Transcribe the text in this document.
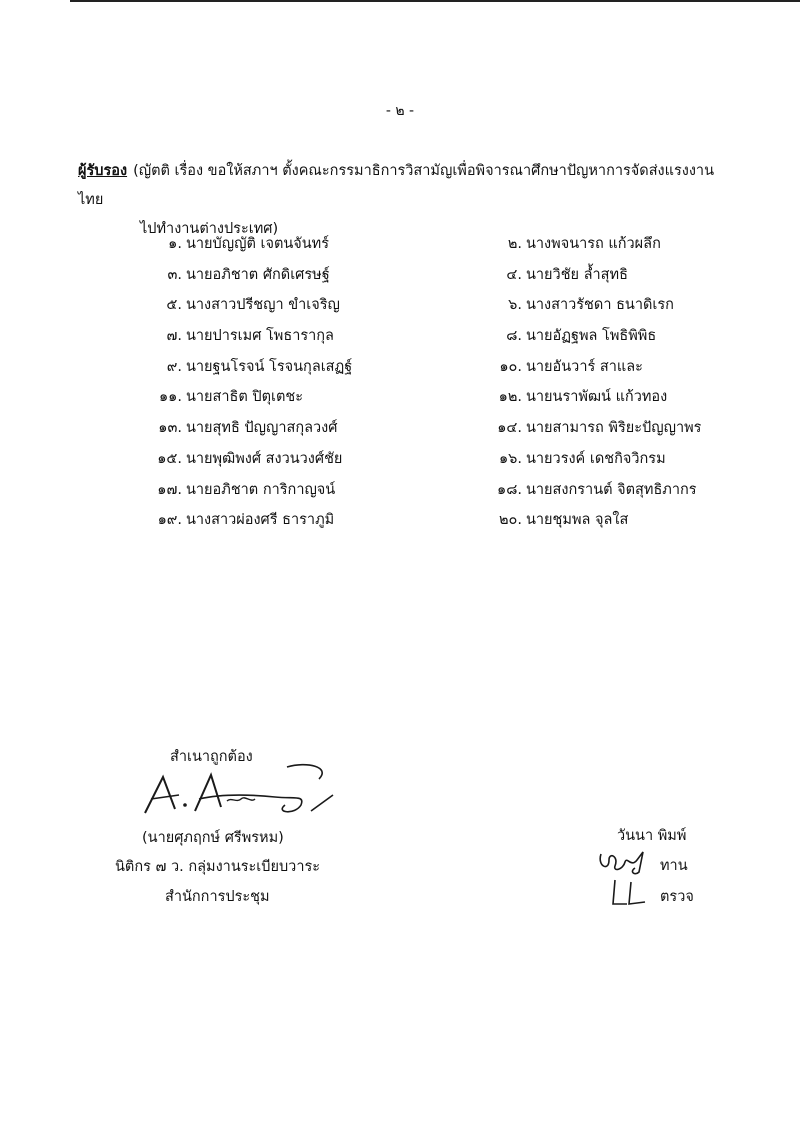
- ๒ -
ผู้รับรอง (ญัตติ เรื่อง ขอให้สภาฯ ตั้งคณะกรรมาธิการวิสามัญเพื่อพิจารณาศึกษาปัญหาการจัดส่งแรงงานไทย
ไปทำงานต่างประเทศ)
๑. นายบัญญัติ เจตนจันทร์
๓. นายอภิชาต ศักดิเศรษฐ์
๕. นางสาวปรีชญา ขำเจริญ
๗. นายปารเมศ โพธารากุล
๙. นายฐนโรจน์ โรจนกุลเสฏฐ์
๑๑. นายสาธิต ปิตุเตชะ
๑๓. นายสุทธิ ปัญญาสกุลวงศ์
๑๕. นายพุฒิพงศ์ สงวนวงศ์ชัย
๑๗. นายอภิชาต การิกาญจน์
๑๙. นางสาวผ่องศรี ธาราภูมิ
๒. นางพจนารถ แก้วผลึก
๔. นายวิชัย ล้ำสุทธิ
๖. นางสาวรัชดา ธนาดิเรก
๘. นายอัฏฐพล โพธิพิพิธ
๑๐. นายอันวาร์ สาและ
๑๒. นายนราพัฒน์ แก้วทอง
๑๔. นายสามารถ พิริยะปัญญาพร
๑๖. นายวรงค์ เดชกิจวิกรม
๑๘. นายสงกรานต์ จิตสุทธิภากร
๒๐. นายชุมพล จุลใส
สำเนาถูกต้อง
(นายศุภฤกษ์ ศรีพรหม)
นิติกร ๗ ว. กลุ่มงานระเบียบวาระ
สำนักการประชุม
วันนา พิมพ์
ทาน
ตรวจ
